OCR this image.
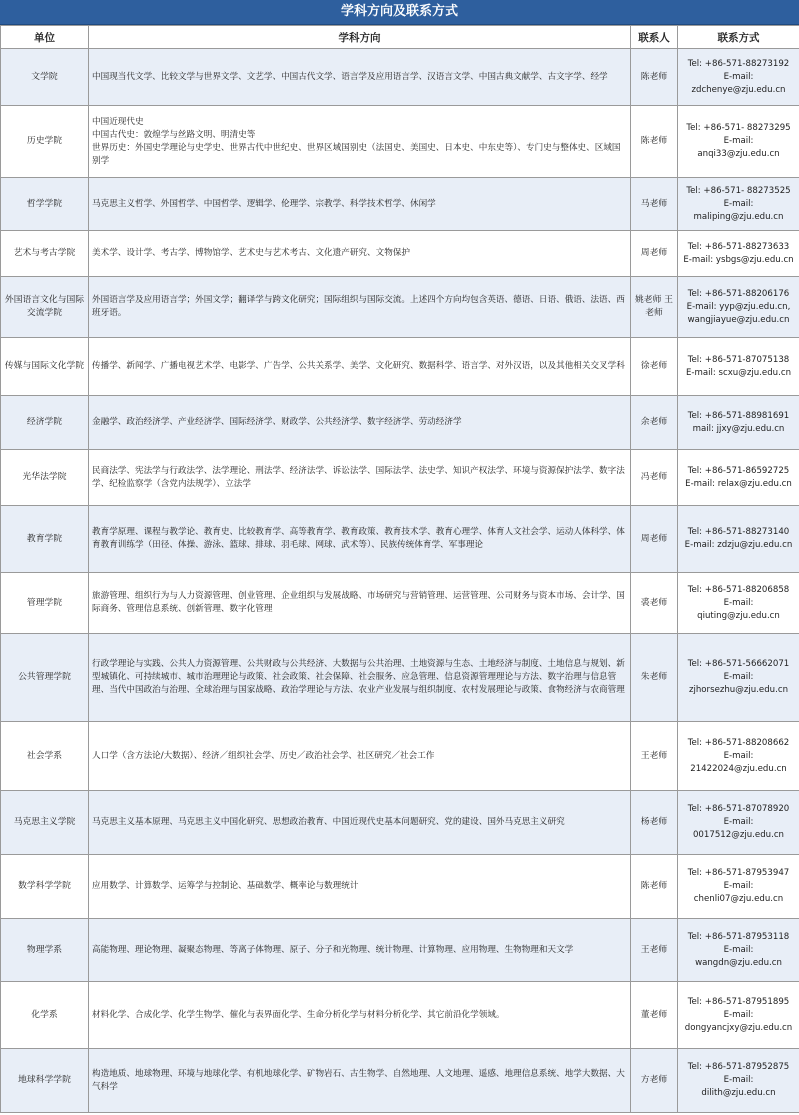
学科方向及联系方式
单位	学科方向	联系人	联系方式
文学院	中国现当代文学、比较文学与世界文学、文艺学、中国古代文学、语言学及应用语言学、汉语言文学、中国古典文献学、古文字学、经学	陈老师	Tel: +86-571-88273192
E-mail:
zdchenye@zju.edu.cn

历史学院	中国近现代史
中国古代史：敦煌学与丝路文明、明清史等
世界历史：外国史学理论与史学史、世界古代中世纪史、世界区域国别史（法国史、美国史、日本史、中东史等）、专门史与整体史、区域国别学	陈老师	Tel: +86-571- 88273295
E-mail:
anqi33@zju.edu.cn

哲学学院	马克思主义哲学、外国哲学、中国哲学、逻辑学、伦理学、宗教学、科学技术哲学、休闲学	马老师	Tel: +86-571- 88273525
E-mail:
maliping@zju.edu.cn

艺术与考古学院	美术学、设计学、考古学、博物馆学、艺术史与艺术考古、文化遗产研究、文物保护	周老师	Tel: +86-571-88273633
E-mail: ysbgs@zju.edu.cn

外国语言文化与国际交流学院	外国语言学及应用语言学；外国文学；翻译学与跨文化研究；国际组织与国际交流。上述四个方向均包含英语、德语、日语、俄语、法语、西班牙语。	姚老师 王老师	Tel: +86-571-88206176
E-mail: yyp@zju.edu.cn,
wangjiayue@zju.edu.cn

传媒与国际文化学院	传播学、新闻学、广播电视艺术学、电影学、广告学、公共关系学、美学、文化研究、数据科学、语言学、对外汉语，以及其他相关交叉学科	徐老师	Tel: +86-571-87075138
E-mail: scxu@zju.edu.cn

经济学院	金融学、政治经济学、产业经济学、国际经济学、财政学、公共经济学、数字经济学、劳动经济学	余老师	Tel: +86-571-88981691
mail: jjxy@zju.edu.cn

光华法学院	民商法学、宪法学与行政法学、法学理论、刑法学、经济法学、诉讼法学、国际法学、法史学、知识产权法学、环境与资源保护法学、数字法学、纪检监察学（含党内法规学）、立法学	冯老师	Tel: +86-571-86592725
E-mail: relax@zju.edu.cn

教育学院	教育学原理、课程与教学论、教育史、比较教育学、高等教育学、教育政策、教育技术学、教育心理学、体育人文社会学、运动人体科学、体育教育训练学（田径、体操、游泳、篮球、排球、羽毛球、网球、武术等）、民族传统体育学、军事理论	周老师	Tel: +86-571-88273140
E-mail: zdzju@zju.edu.cn

管理学院	旅游管理、组织行为与人力资源管理、创业管理、企业组织与发展战略、市场研究与营销管理、运营管理、公司财务与资本市场、会计学、国际商务、管理信息系统、创新管理、数字化管理	裘老师	Tel: +86-571-88206858
E-mail:
qiuting@zju.edu.cn

公共管理学院	行政学理论与实践、公共人力资源管理、公共财政与公共经济、大数据与公共治理、土地资源与生态、土地经济与制度、土地信息与规划、新型城镇化、可持续城市、城市治理理论与政策、社会政策、社会保障、社会服务、应急管理、信息资源管理理论与方法、数字治理与信息管理、当代中国政治与治理、全球治理与国家战略、政治学理论与方法、农业产业发展与组织制度、农村发展理论与政策、食物经济与农商管理	朱老师	Tel: +86-571-56662071
E-mail:
zjhorsezhu@zju.edu.cn

社会学系	人口学（含方法论/大数据）、经济／组织社会学、历史／政治社会学、社区研究／社会工作	王老师	Tel: +86-571-88208662
E-mail:
21422024@zju.edu.cn

马克思主义学院	马克思主义基本原理、马克思主义中国化研究、思想政治教育、中国近现代史基本问题研究、党的建设、国外马克思主义研究	杨老师	Tel: +86-571-87078920
E-mail:
0017512@zju.edu.cn

数学科学学院	应用数学、计算数学、运筹学与控制论、基础数学、概率论与数理统计	陈老师	Tel: +86-571-87953947
E-mail:
chenli07@zju.edu.cn

物理学系	高能物理、理论物理、凝聚态物理、等离子体物理、原子、分子和光物理、统计物理、计算物理、应用物理、生物物理和天文学	王老师	Tel: +86-571-87953118
E-mail:
wangdn@zju.edu.cn

化学系	材料化学、合成化学、化学生物学、催化与表界面化学、生命分析化学与材料分析化学、其它前沿化学领域。	董老师	Tel: +86-571-87951895
E-mail:
dongyancjxy@zju.edu.cn

地球科学学院	构造地质、地球物理、环境与地球化学、有机地球化学、矿物岩石、古生物学、自然地理、人文地理、遥感、地理信息系统、地学大数据、大气科学	方老师	Tel: +86-571-87952875
E-mail:
dilith@zju.edu.cn
